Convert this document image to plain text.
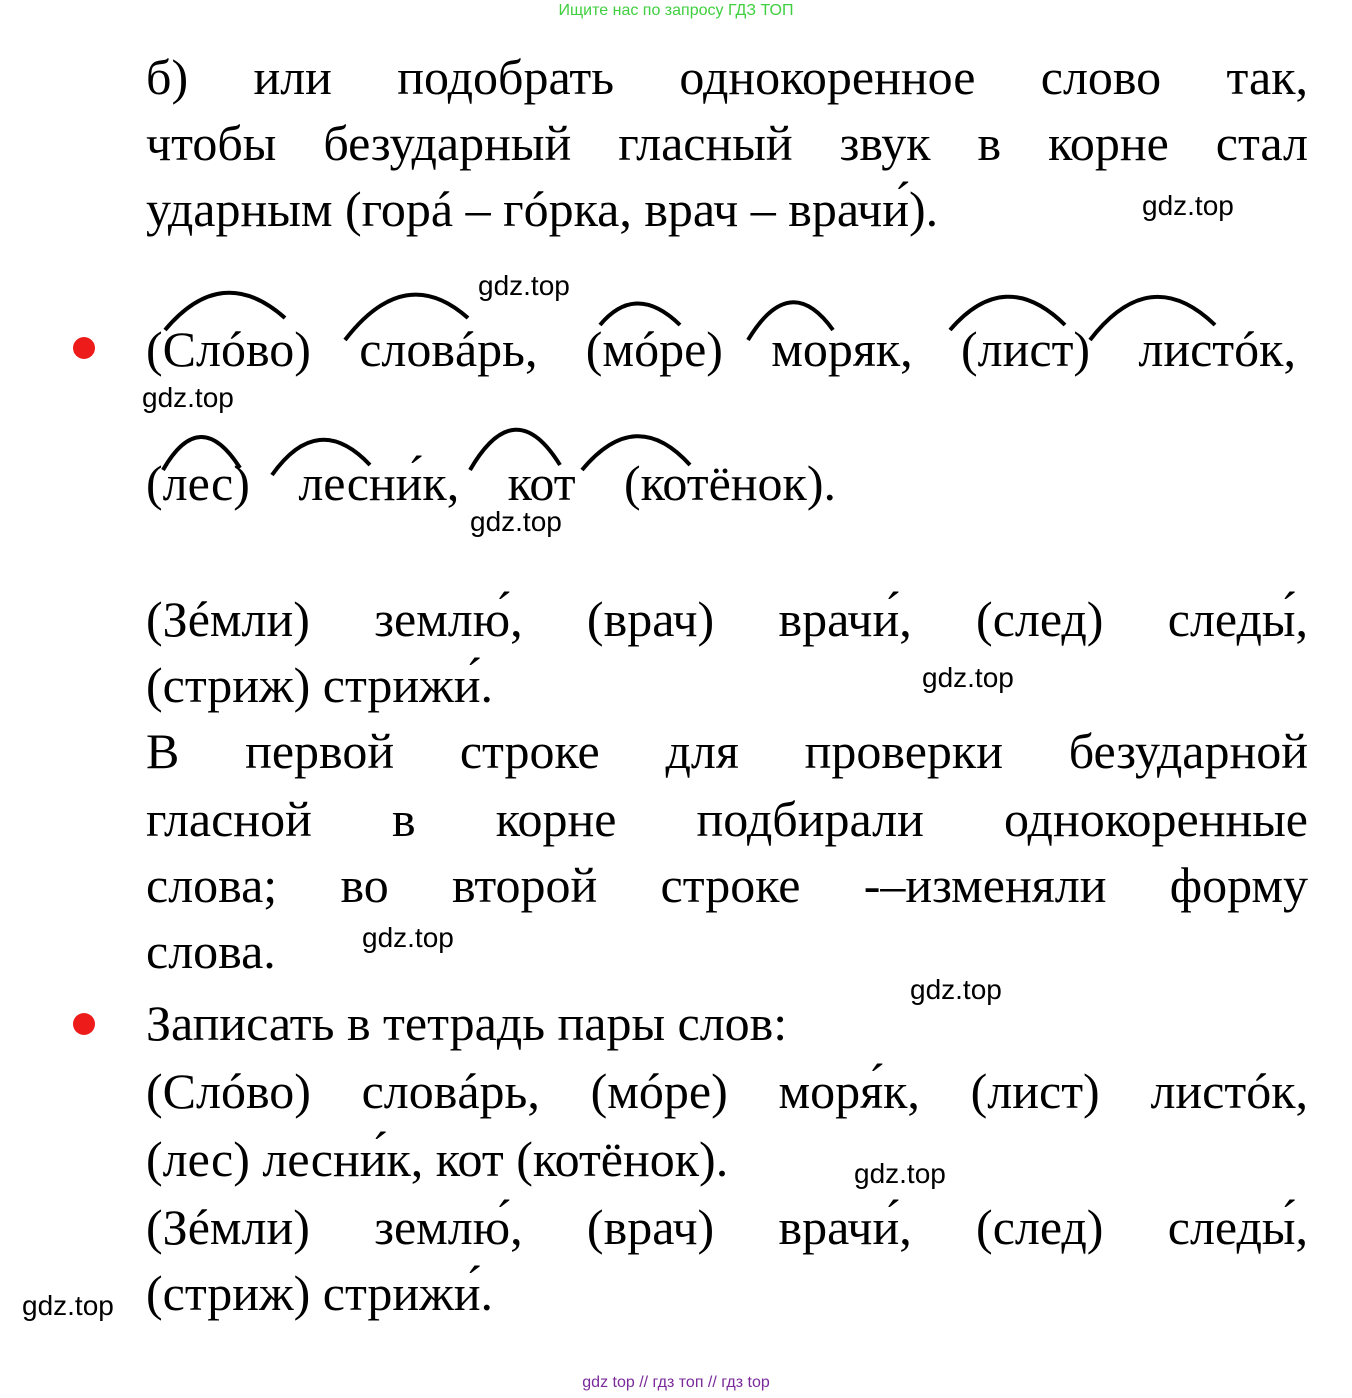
Ищите нас по запросу ГДЗ ТОП
б) или подобрать однокоренное слово так,
чтобы безударный гласный звук в корне стал
ударным (горá – гóрка, врач – врачи́).
(Слóво) словáрь, (мóре) моряк, (лист) листóк,
(лес) лесни́к, кот (котёнок).
(Зéмли) землю́, (врач) врачи́, (след) следы́,
(стриж) стрижи́.
В первой строке для проверки безударной
гласной в корне подбирали однокоренные
слова; во второй строке -–изменяли форму
слова.
Записать в тетрадь пары слов:
(Слóво) словáрь, (мóре) моря́к, (лист) листóк,
(лес) лесни́к, кот (котёнок).
(Зéмли) землю́, (врач) врачи́, (след) следы́,
(стриж) стрижи́.
gdz.top
gdz.top
gdz.top
gdz.top
gdz.top
gdz.top
gdz.top
gdz.top
gdz.top
gdz top // гдз топ // гдз top
